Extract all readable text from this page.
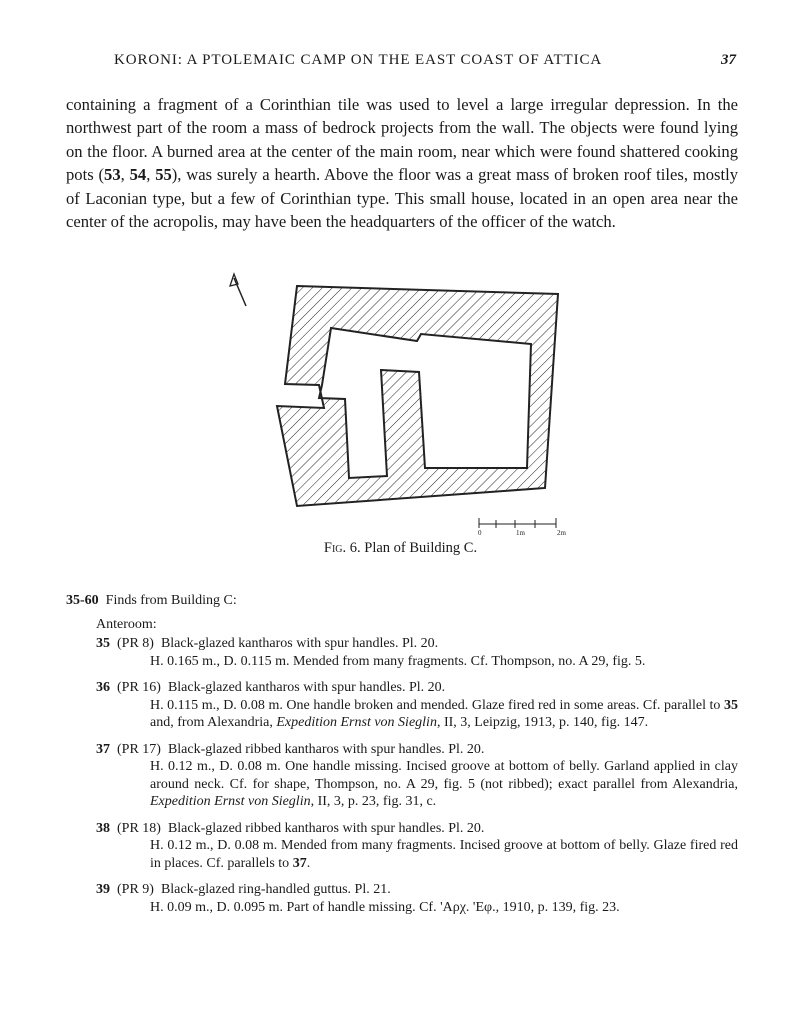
KORONI: A PTOLEMAIC CAMP ON THE EAST COAST OF ATTICA	37

containing a fragment of a Corinthian tile was used to level a large irregular depression. In the northwest part of the room a mass of bedrock projects from the wall. The objects were found lying on the floor. A burned area at the center of the main room, near which were found shattered cooking pots (53, 54, 55), was surely a hearth. Above the floor was a great mass of broken roof tiles, mostly of Laconian type, but a few of Corinthian type. This small house, located in an open area near the center of the acropolis, may have been the headquarters of the officer of the watch.

0	1m	2m
Fig. 6. Plan of Building C.
35-60 Finds from Building C:
Anteroom:
35 (PR 8) Black-glazed kantharos with spur handles. Pl. 20.
H. 0.165 m., D. 0.115 m. Mended from many fragments. Cf. Thompson, no. A 29, fig. 5.
36 (PR 16) Black-glazed kantharos with spur handles. Pl. 20.
H. 0.115 m., D. 0.08 m. One handle broken and mended. Glaze fired red in some areas. Cf. parallel to 35 and, from Alexandria, Expedition Ernst von Sieglin, II, 3, Leipzig, 1913, p. 140, fig. 147.
37 (PR 17) Black-glazed ribbed kantharos with spur handles. Pl. 20.
H. 0.12 m., D. 0.08 m. One handle missing. Incised groove at bottom of belly. Garland applied in clay around neck. Cf. for shape, Thompson, no. A 29, fig. 5 (not ribbed); exact parallel from Alexandria, Expedition Ernst von Sieglin, II, 3, p. 23, fig. 31, c.
38 (PR 18) Black-glazed ribbed kantharos with spur handles. Pl. 20.
H. 0.12 m., D. 0.08 m. Mended from many fragments. Incised groove at bottom of belly. Glaze fired red in places. Cf. parallels to 37.
39 (PR 9) Black-glazed ring-handled guttus. Pl. 21.
H. 0.09 m., D. 0.095 m. Part of handle missing. Cf. 'Aρχ. 'Eφ., 1910, p. 139, fig. 23.
